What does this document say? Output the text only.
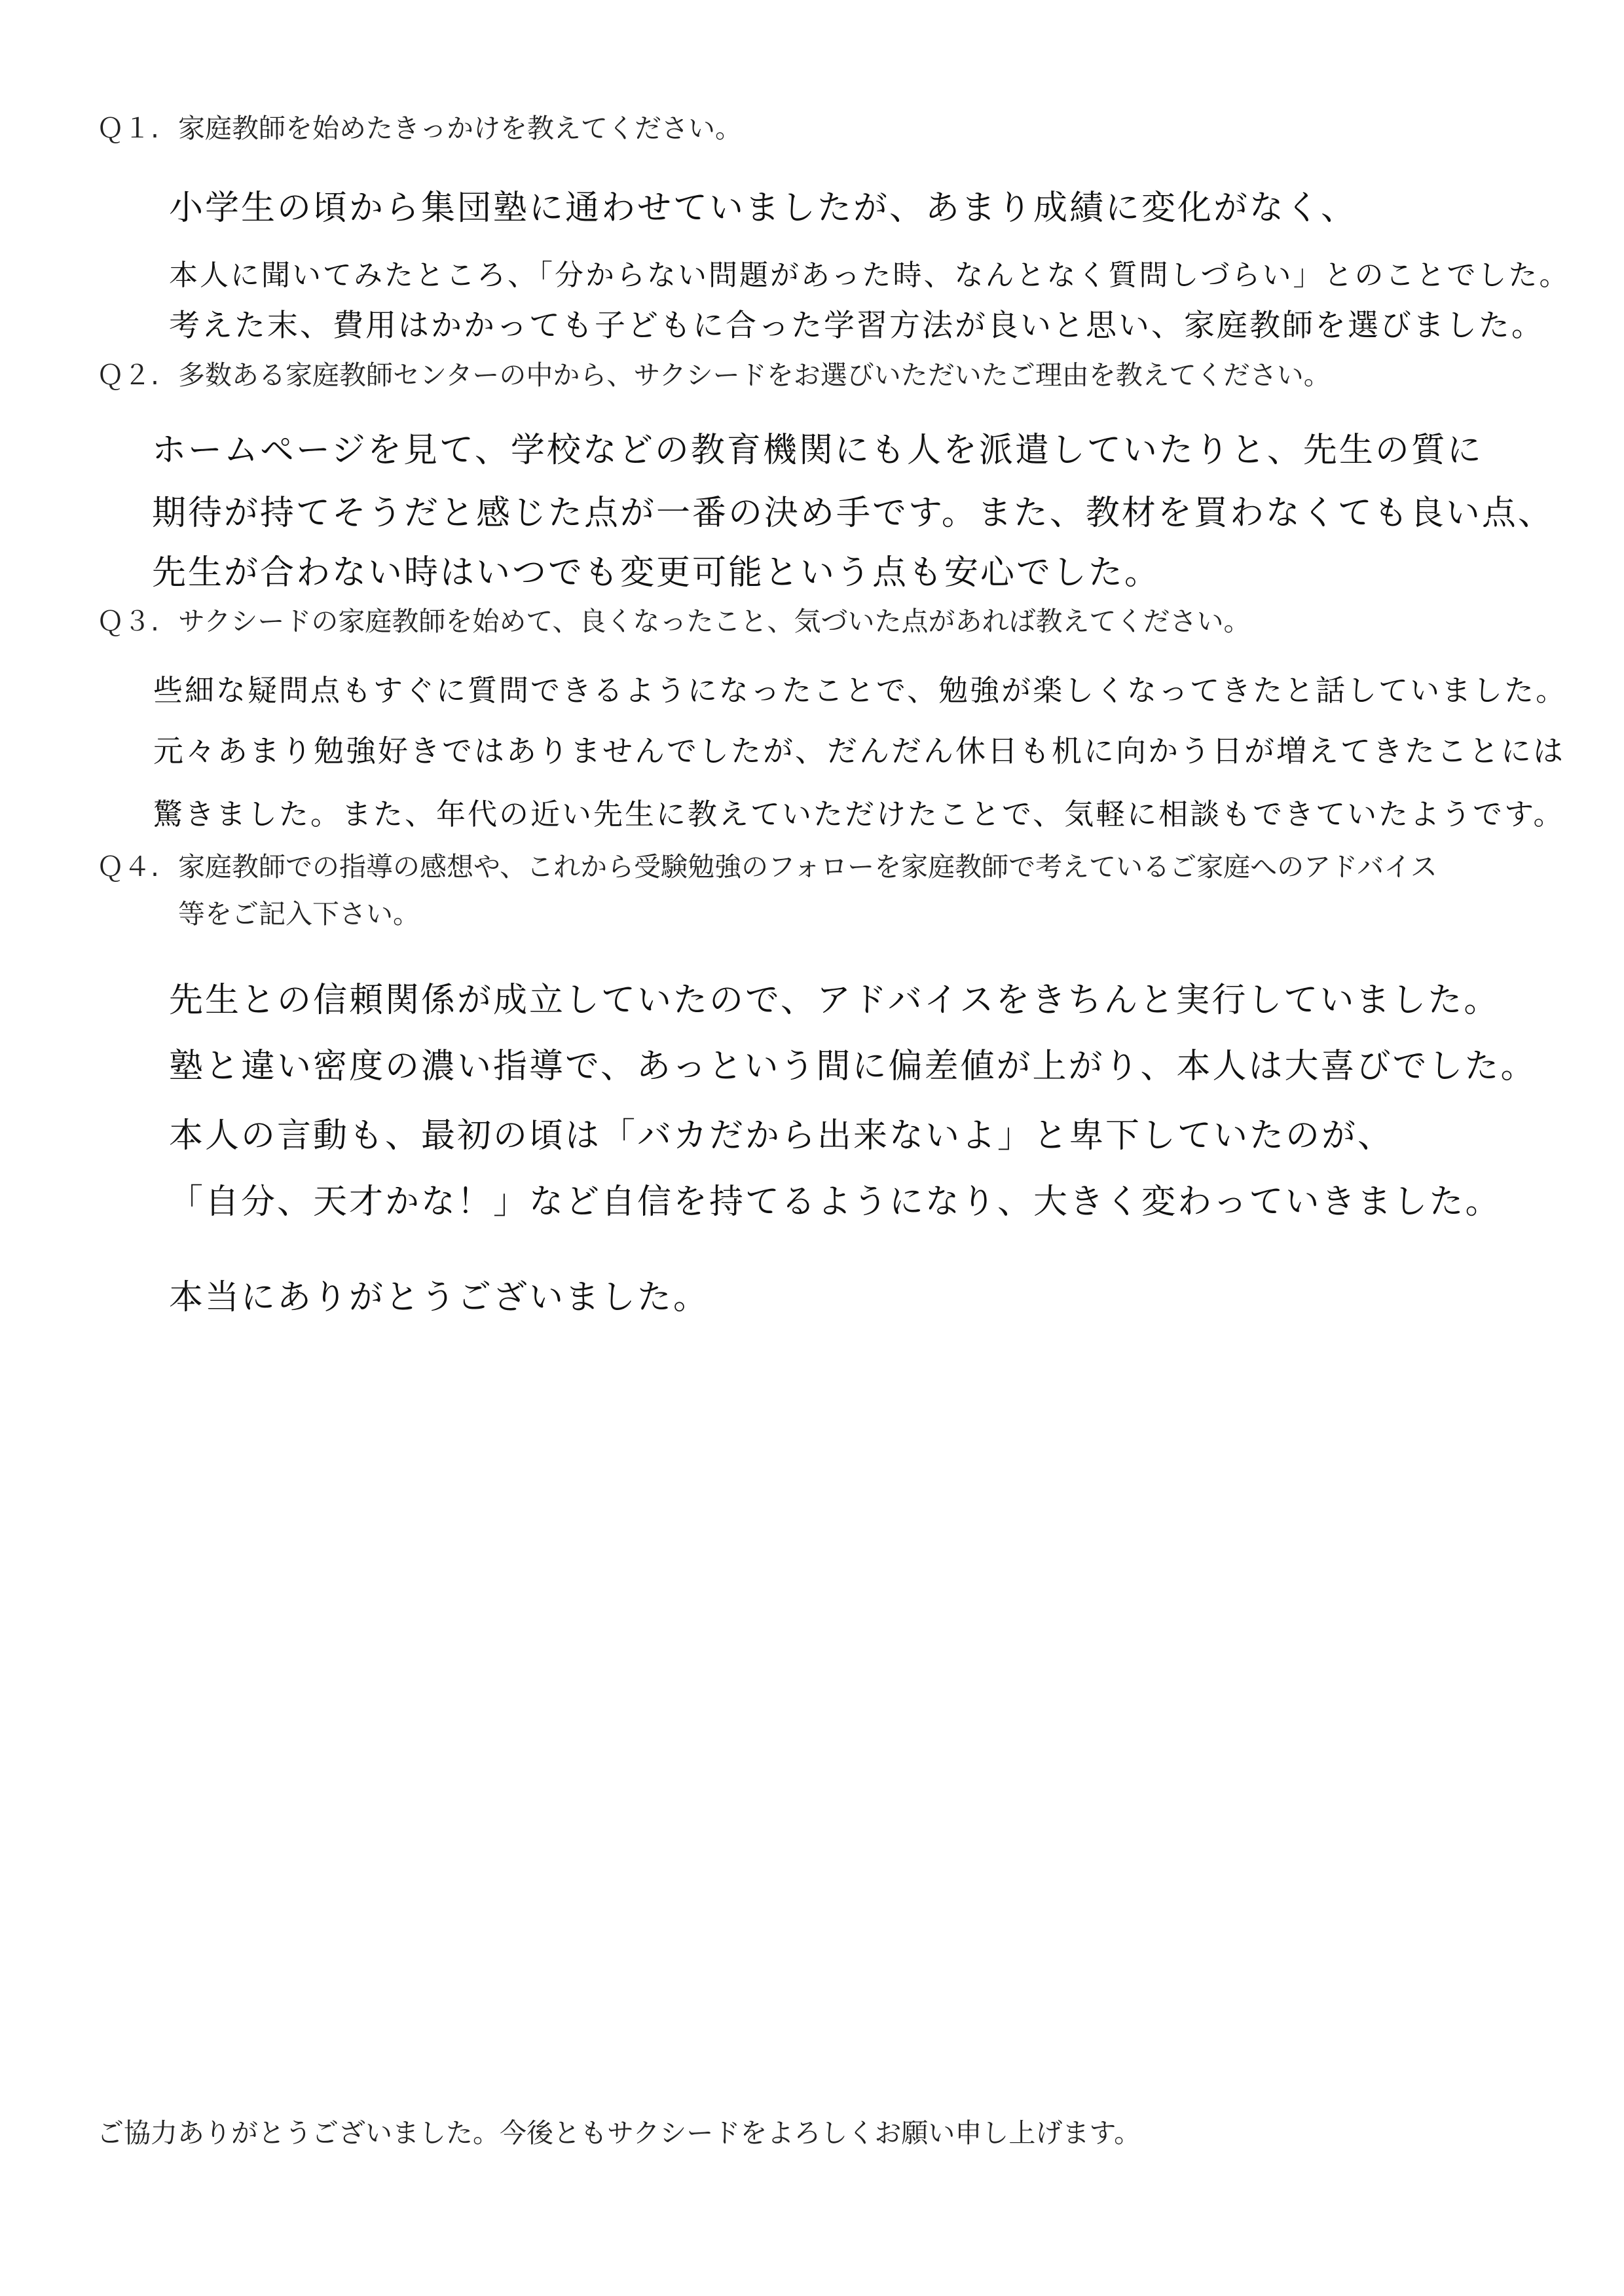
Ｑ１. 家庭教師を始めたきっかけを教えてください。
小学生の頃から集団塾に通わせていましたが、あまり成績に変化がなく、
本人に聞いてみたところ、「分からない問題があった時、なんとなく質問しづらい」とのことでした。
考えた末、費用はかかっても子どもに合った学習方法が良いと思い、家庭教師を選びました。
Ｑ２. 多数ある家庭教師センターの中から、サクシードをお選びいただいたご理由を教えてください。
ホームページを見て、学校などの教育機関にも人を派遣していたりと、先生の質に
期待が持てそうだと感じた点が一番の決め手です。また、教材を買わなくても良い点、
先生が合わない時はいつでも変更可能という点も安心でした。
Ｑ３. サクシードの家庭教師を始めて、良くなったこと、気づいた点があれば教えてください。
些細な疑問点もすぐに質問できるようになったことで、勉強が楽しくなってきたと話していました。
元々あまり勉強好きではありませんでしたが、だんだん休日も机に向かう日が増えてきたことには
驚きました。また、年代の近い先生に教えていただけたことで、気軽に相談もできていたようです。
Ｑ４. 家庭教師での指導の感想や、これから受験勉強のフォローを家庭教師で考えているご家庭へのアドバイス
等をご記入下さい。
先生との信頼関係が成立していたので、アドバイスをきちんと実行していました。
塾と違い密度の濃い指導で、あっという間に偏差値が上がり、本人は大喜びでした。
本人の言動も、最初の頃は「バカだから出来ないよ」と卑下していたのが、
「自分、天才かな！」など自信を持てるようになり、大きく変わっていきました。
本当にありがとうございました。
ご協力ありがとうございました。今後ともサクシードをよろしくお願い申し上げます。
